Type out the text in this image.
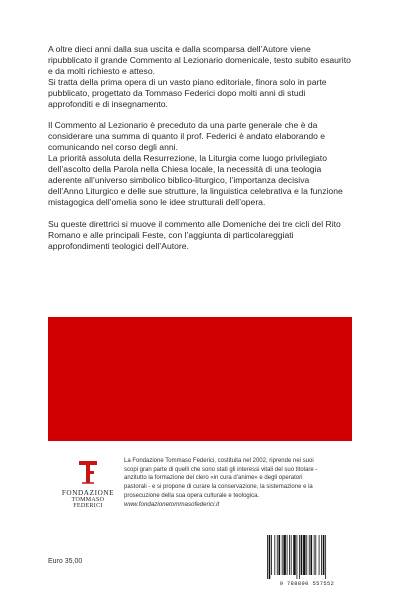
A oltre dieci anni dalla sua uscita e dalla scomparsa dell’Autore viene
ripubblicato il grande Commento al Lezionario domenicale, testo subito esaurito
e da molti richiesto e atteso.
Si tratta della prima opera di un vasto piano editoriale, finora solo in parte
pubblicato, progettato da Tommaso Federici dopo molti anni di studi
approfonditi e di insegnamento.

Il Commento al Lezionario è preceduto da una parte generale che è da
considerare una summa di quanto il prof. Federici è andato elaborando e
comunicando nel corso degli anni.
La priorità assoluta della Resurrezione, la Liturgia come luogo privilegiato
dell’ascolto della Parola nella Chiesa locale, la necessità di una teologia
aderente all’universo simbolico biblico-liturgico, l’importanza decisiva
dell’Anno Liturgico e delle sue strutture, la linguistica celebrativa e la funzione
mistagogica dell’omelia sono le idee strutturali dell’opera.

Su queste direttrici si muove il commento alle Domeniche dei tre cicli del Rito
Romano e alle principali Feste, con l’aggiunta di particolareggiati
approfondimenti teologici dell’Autore.

FONDAZIONE
TOMMASO FEDERICI
La Fondazione Tommaso Federici, costituita nel 2002, riprende nei suoi
scopi gran parte di quelli che sono stati gli interessi vitali del suo titolare -
anzitutto la formazione del clero «in cura d’anime» e degli operatori
pastorali - e si propone di curare la conservazione, la sistemazione e la
prosecuzione della sua opera culturale e teologica.
www.fondazionetommasofederici.it
Euro 35,00
9 788890 557552
